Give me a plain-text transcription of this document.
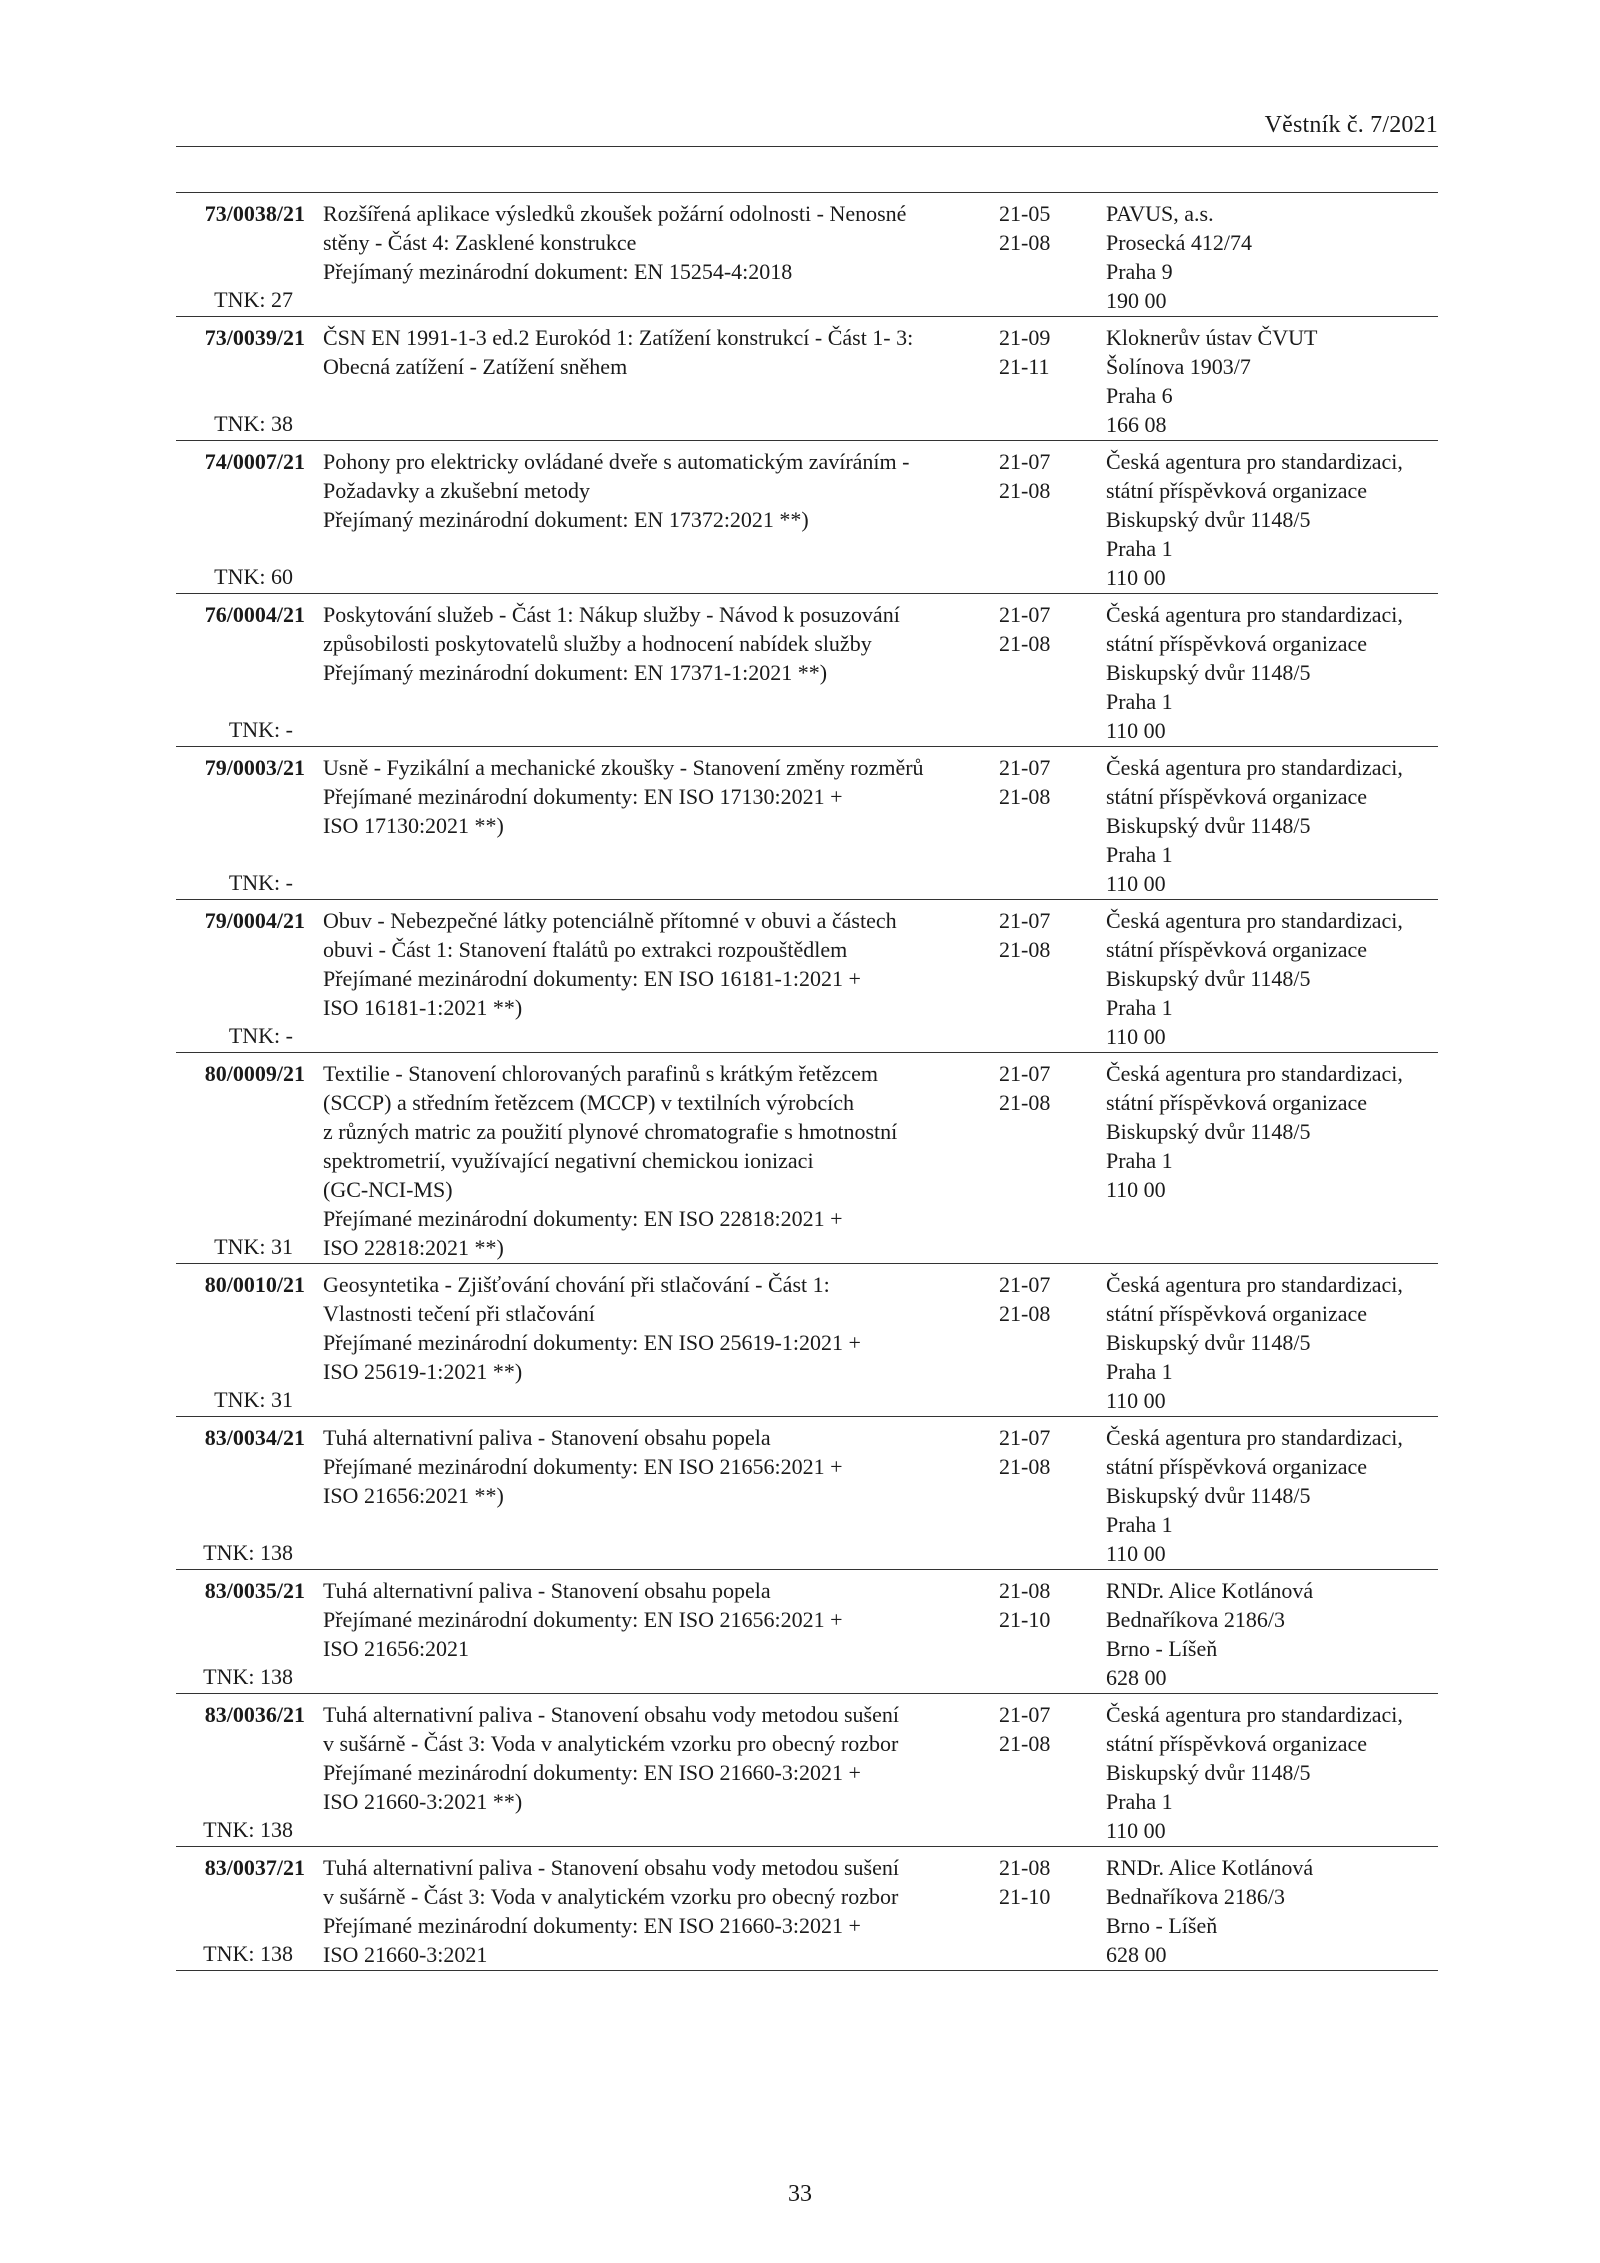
Věstník č. 7/2021
73/0038/21
TNK: 27
Rozšířená aplikace výsledků zkoušek požární odolnosti - Nenosné
stěny - Část 4: Zasklené konstrukce
Přejímaný mezinárodní dokument: EN 15254-4:2018
21-05
21-08
PAVUS, a.s.
Prosecká 412/74
Praha 9
190 00
73/0039/21
TNK: 38
ČSN EN 1991-1-3 ed.2 Eurokód 1: Zatížení konstrukcí - Část 1- 3:
Obecná zatížení - Zatížení sněhem
21-09
21-11
Kloknerův ústav ČVUT
Šolínova 1903/7
Praha 6
166 08
74/0007/21
TNK: 60
Pohony pro elektricky ovládané dveře s automatickým zavíráním -
Požadavky a zkušební metody
Přejímaný mezinárodní dokument: EN 17372:2021 **)
21-07
21-08
Česká agentura pro standardizaci,
státní příspěvková organizace
Biskupský dvůr 1148/5
Praha 1
110 00
76/0004/21
TNK: -
Poskytování služeb - Část 1: Nákup služby - Návod k posuzování
způsobilosti poskytovatelů služby a hodnocení nabídek služby
Přejímaný mezinárodní dokument: EN 17371-1:2021 **)
21-07
21-08
Česká agentura pro standardizaci,
státní příspěvková organizace
Biskupský dvůr 1148/5
Praha 1
110 00
79/0003/21
TNK: -
Usně - Fyzikální a mechanické zkoušky - Stanovení změny rozměrů
Přejímané mezinárodní dokumenty: EN ISO 17130:2021 +
ISO 17130:2021 **)
21-07
21-08
Česká agentura pro standardizaci,
státní příspěvková organizace
Biskupský dvůr 1148/5
Praha 1
110 00
79/0004/21
TNK: -
Obuv - Nebezpečné látky potenciálně přítomné v obuvi a částech
obuvi - Část 1: Stanovení ftalátů po extrakci rozpouštědlem
Přejímané mezinárodní dokumenty: EN ISO 16181-1:2021 +
ISO 16181-1:2021 **)
21-07
21-08
Česká agentura pro standardizaci,
státní příspěvková organizace
Biskupský dvůr 1148/5
Praha 1
110 00
80/0009/21
TNK: 31
Textilie - Stanovení chlorovaných parafinů s krátkým řetězcem
(SCCP) a středním řetězcem (MCCP) v textilních výrobcích
z různých matric za použití plynové chromatografie s hmotnostní
spektrometrií, využívající negativní chemickou ionizaci
(GC-NCI-MS)
Přejímané mezinárodní dokumenty: EN ISO 22818:2021 +
ISO 22818:2021 **)
21-07
21-08
Česká agentura pro standardizaci,
státní příspěvková organizace
Biskupský dvůr 1148/5
Praha 1
110 00
80/0010/21
TNK: 31
Geosyntetika - Zjišťování chování při stlačování - Část 1:
Vlastnosti tečení při stlačování
Přejímané mezinárodní dokumenty: EN ISO 25619-1:2021 +
ISO 25619-1:2021 **)
21-07
21-08
Česká agentura pro standardizaci,
státní příspěvková organizace
Biskupský dvůr 1148/5
Praha 1
110 00
83/0034/21
TNK: 138
Tuhá alternativní paliva - Stanovení obsahu popela
Přejímané mezinárodní dokumenty: EN ISO 21656:2021 +
ISO 21656:2021 **)
21-07
21-08
Česká agentura pro standardizaci,
státní příspěvková organizace
Biskupský dvůr 1148/5
Praha 1
110 00
83/0035/21
TNK: 138
Tuhá alternativní paliva - Stanovení obsahu popela
Přejímané mezinárodní dokumenty: EN ISO 21656:2021 +
ISO 21656:2021
21-08
21-10
RNDr. Alice Kotlánová
Bednaříkova 2186/3
Brno - Líšeň
628 00
83/0036/21
TNK: 138
Tuhá alternativní paliva - Stanovení obsahu vody metodou sušení
v sušárně - Část 3: Voda v analytickém vzorku pro obecný rozbor
Přejímané mezinárodní dokumenty: EN ISO 21660-3:2021 +
ISO 21660-3:2021 **)
21-07
21-08
Česká agentura pro standardizaci,
státní příspěvková organizace
Biskupský dvůr 1148/5
Praha 1
110 00
83/0037/21
TNK: 138
Tuhá alternativní paliva - Stanovení obsahu vody metodou sušení
v sušárně - Část 3: Voda v analytickém vzorku pro obecný rozbor
Přejímané mezinárodní dokumenty: EN ISO 21660-3:2021 +
ISO 21660-3:2021
21-08
21-10
RNDr. Alice Kotlánová
Bednaříkova 2186/3
Brno - Líšeň
628 00
33
